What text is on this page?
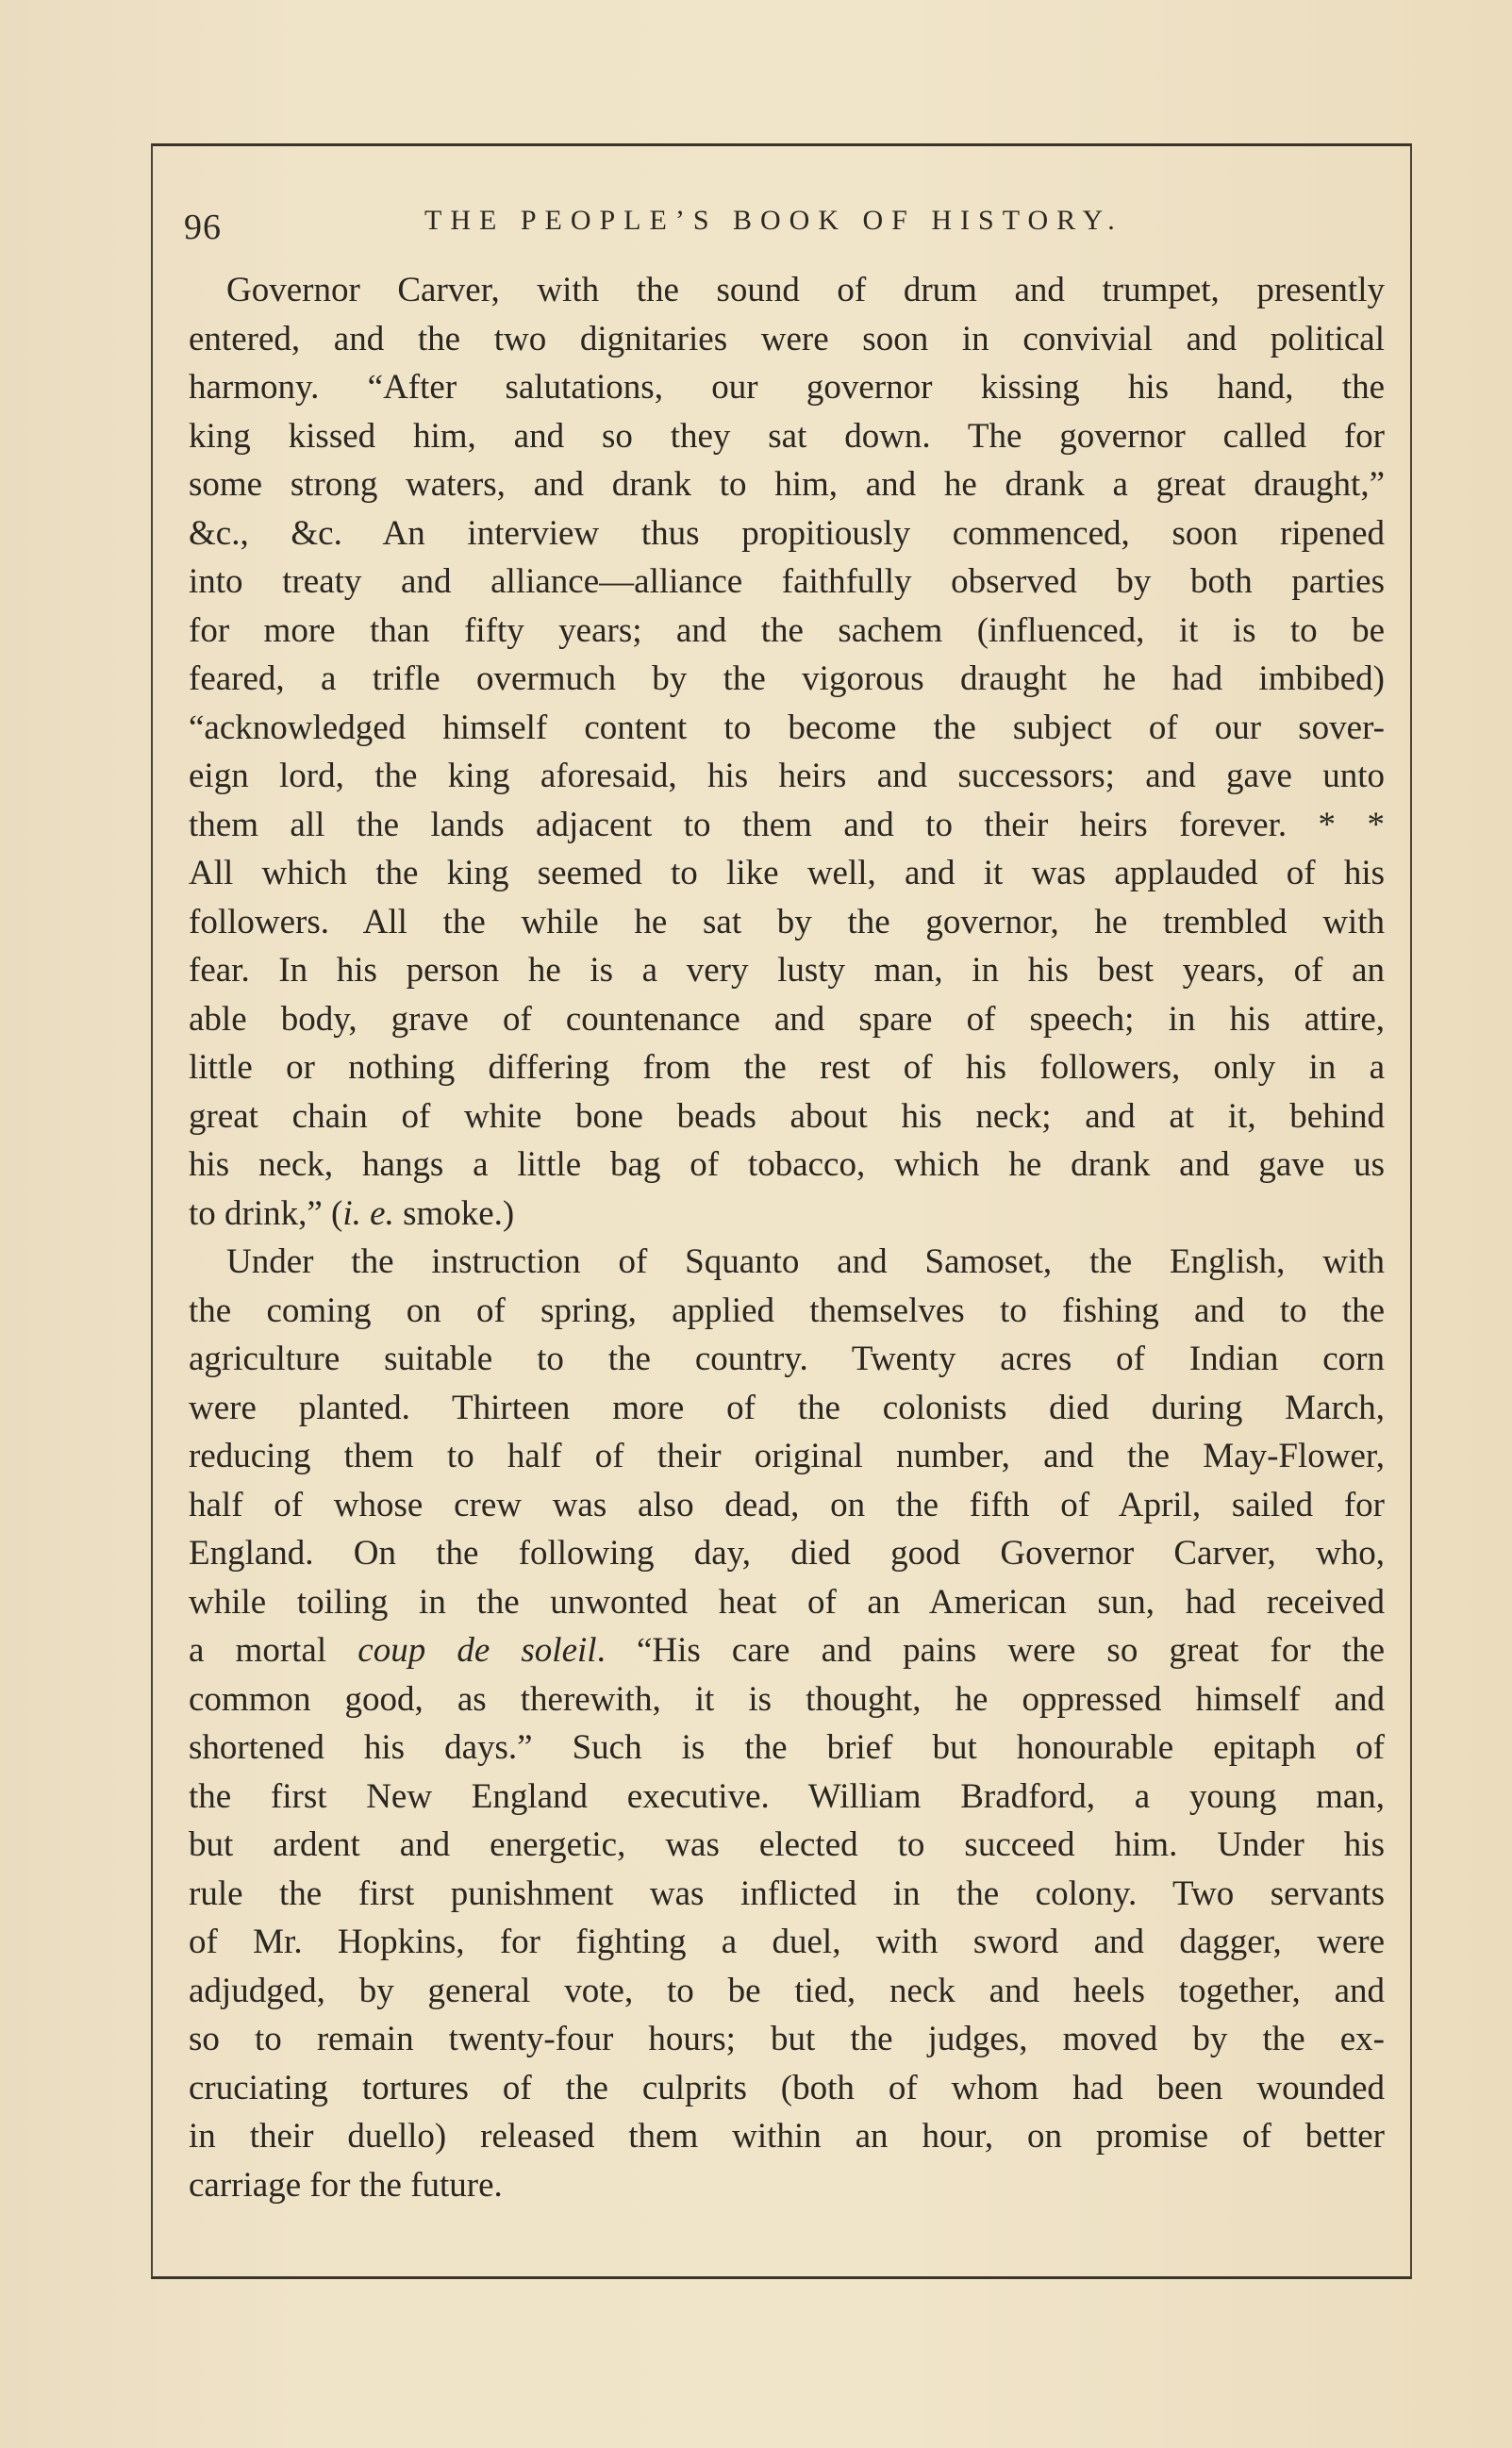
96	THE PEOPLE’S BOOK OF HISTORY.
Governor Carver, with the sound of drum and trumpet, presently
entered, and the two dignitaries were soon in convivial and political
harmony. “After salutations, our governor kissing his hand, the
king kissed him, and so they sat down. The governor called for
some strong waters, and drank to him, and he drank a great draught,”
&c., &c. An interview thus propitiously commenced, soon ripened
into treaty and alliance—alliance faithfully observed by both parties
for more than fifty years; and the sachem (influenced, it is to be
feared, a trifle overmuch by the vigorous draught he had imbibed)
“acknowledged himself content to become the subject of our sover-
eign lord, the king aforesaid, his heirs and successors; and gave unto
them all the lands adjacent to them and to their heirs forever. * *
All which the king seemed to like well, and it was applauded of his
followers. All the while he sat by the governor, he trembled with
fear. In his person he is a very lusty man, in his best years, of an
able body, grave of countenance and spare of speech; in his attire,
little or nothing differing from the rest of his followers, only in a
great chain of white bone beads about his neck; and at it, behind
his neck, hangs a little bag of tobacco, which he drank and gave us
to drink,” (i. e. smoke.)
Under the instruction of Squanto and Samoset, the English, with
the coming on of spring, applied themselves to fishing and to the
agriculture suitable to the country. Twenty acres of Indian corn
were planted. Thirteen more of the colonists died during March,
reducing them to half of their original number, and the May-Flower,
half of whose crew was also dead, on the fifth of April, sailed for
England. On the following day, died good Governor Carver, who,
while toiling in the unwonted heat of an American sun, had received
a mortal coup de soleil. “His care and pains were so great for the
common good, as therewith, it is thought, he oppressed himself and
shortened his days.” Such is the brief but honourable epitaph of
the first New England executive. William Bradford, a young man,
but ardent and energetic, was elected to succeed him. Under his
rule the first punishment was inflicted in the colony. Two servants
of Mr. Hopkins, for fighting a duel, with sword and dagger, were
adjudged, by general vote, to be tied, neck and heels together, and
so to remain twenty-four hours; but the judges, moved by the ex-
cruciating tortures of the culprits (both of whom had been wounded
in their duello) released them within an hour, on promise of better
carriage for the future.
